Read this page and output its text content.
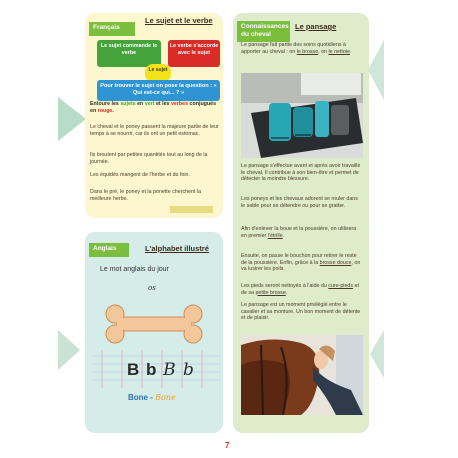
Français
Le sujet et le verbe
Le sujet commande le verbe
Le verbe s'accorde avec le sujet
Le sujet
Pour trouver le sujet on pose la question : « Qui est-ce qui... ? »
Entoure les sujets en vert et les verbes conjugués en rouge.
Le cheval et le poney passent la majeure partie de leur temps à se nourrir, car ils ont un petit estomac.
Ils broutent par petites quantités tout au long de la journée.
Les équidés mangent de l'herbe et du foin.
Dans le pré, le poney et la ponette cherchent la meilleure herbe.
Anglais	L'alphabet illustré
Le mot anglais du jour
os
B b B b
Bone - Bone
Connaissances du cheval
Le pansage
Le pansage fait partie des soins quotidiens à apporter au cheval : on le brosse, on le nettoie.
Le pansage s'effectue avant et après avoir travaillé le cheval. Il contribue à son bien-être et permet de détecter la moindre blessure.
Les poneys et les chevaux adorent se rouler dans le sable pour se détendre ou pour se gratter.
Afin d'enlever la boue et la poussière, on utilisera en premier l'étrille.
Ensuite, on passe le bouchon pour retirer le reste de la poussière. Enfin, grâce à la brosse douce, on va lustrer les poils.
Les pieds seront nettoyés à l'aide du cure-pieds et de sa petite brosse.
Le pansage est un moment privilégié entre le cavalier et sa monture. Un bon moment de détente et de plaisir.
7
